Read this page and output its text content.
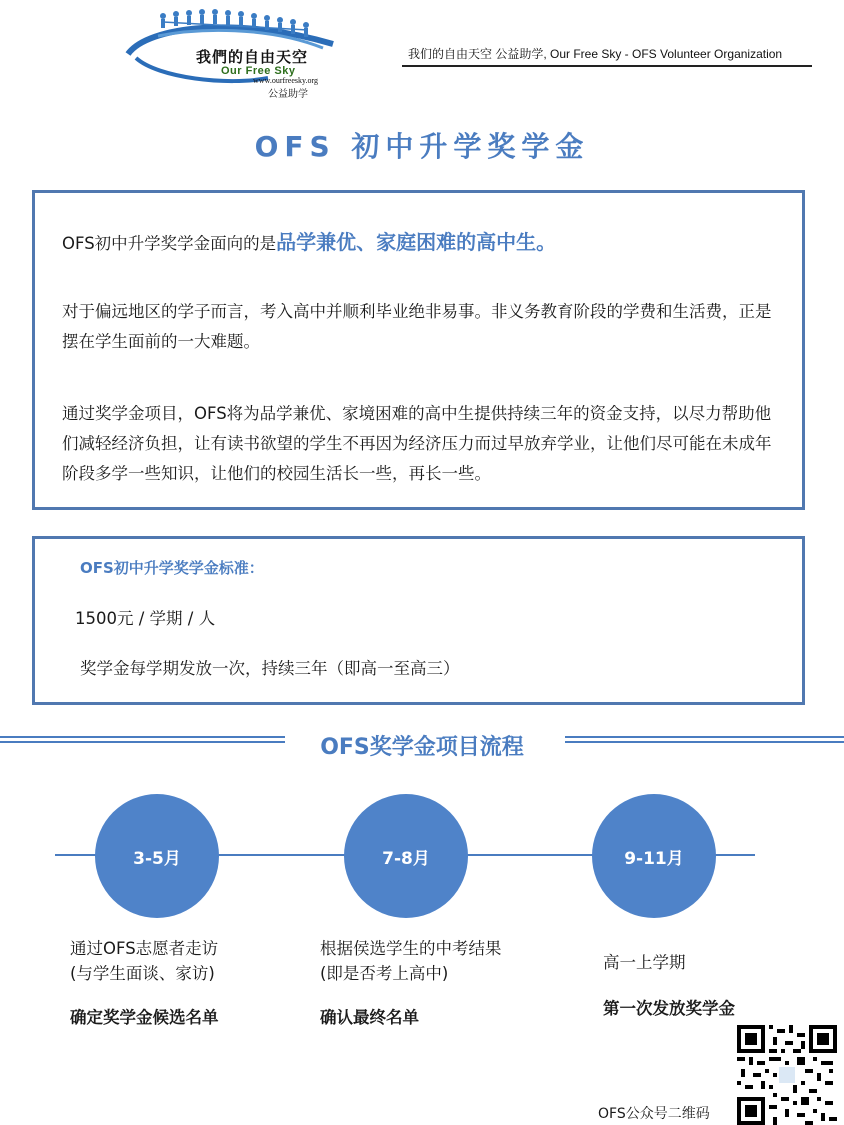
我們的自由天空
Our Free Sky
www.ourfreesky.org
公益助学
我们的自由天空 公益助学, Our Free Sky - OFS Volunteer Organization
OFS 初中升学奖学金

OFS初中升学奖学金面向的是品学兼优、家庭困难的高中生。

对于偏远地区的学子而言，考入高中并顺利毕业绝非易事。非义务教育阶段的学费和生活费，正是摆在学生面前的一大难题。

通过奖学金项目，OFS将为品学兼优、家境困难的高中生提供持续三年的资金支持，以尽力帮助他们减轻经济负担，让有读书欲望的学生不再因为经济压力而过早放弃学业，让他们尽可能在未成年阶段多学一些知识，让他们的校园生活长一些，再长一些。

OFS初中升学奖学金标准：
1500元 / 学期 / 人
奖学金每学期发放一次，持续三年（即高一至高三）
OFS奖学金项目流程
3-5月	7-8月	9-11月
通过OFS志愿者走访
(与学生面谈、家访)
确定奖学金候选名单
根据侯选学生的中考结果
(即是否考上高中)
确认最终名单
高一上学期
第一次发放奖学金
OFS公众号二维码
